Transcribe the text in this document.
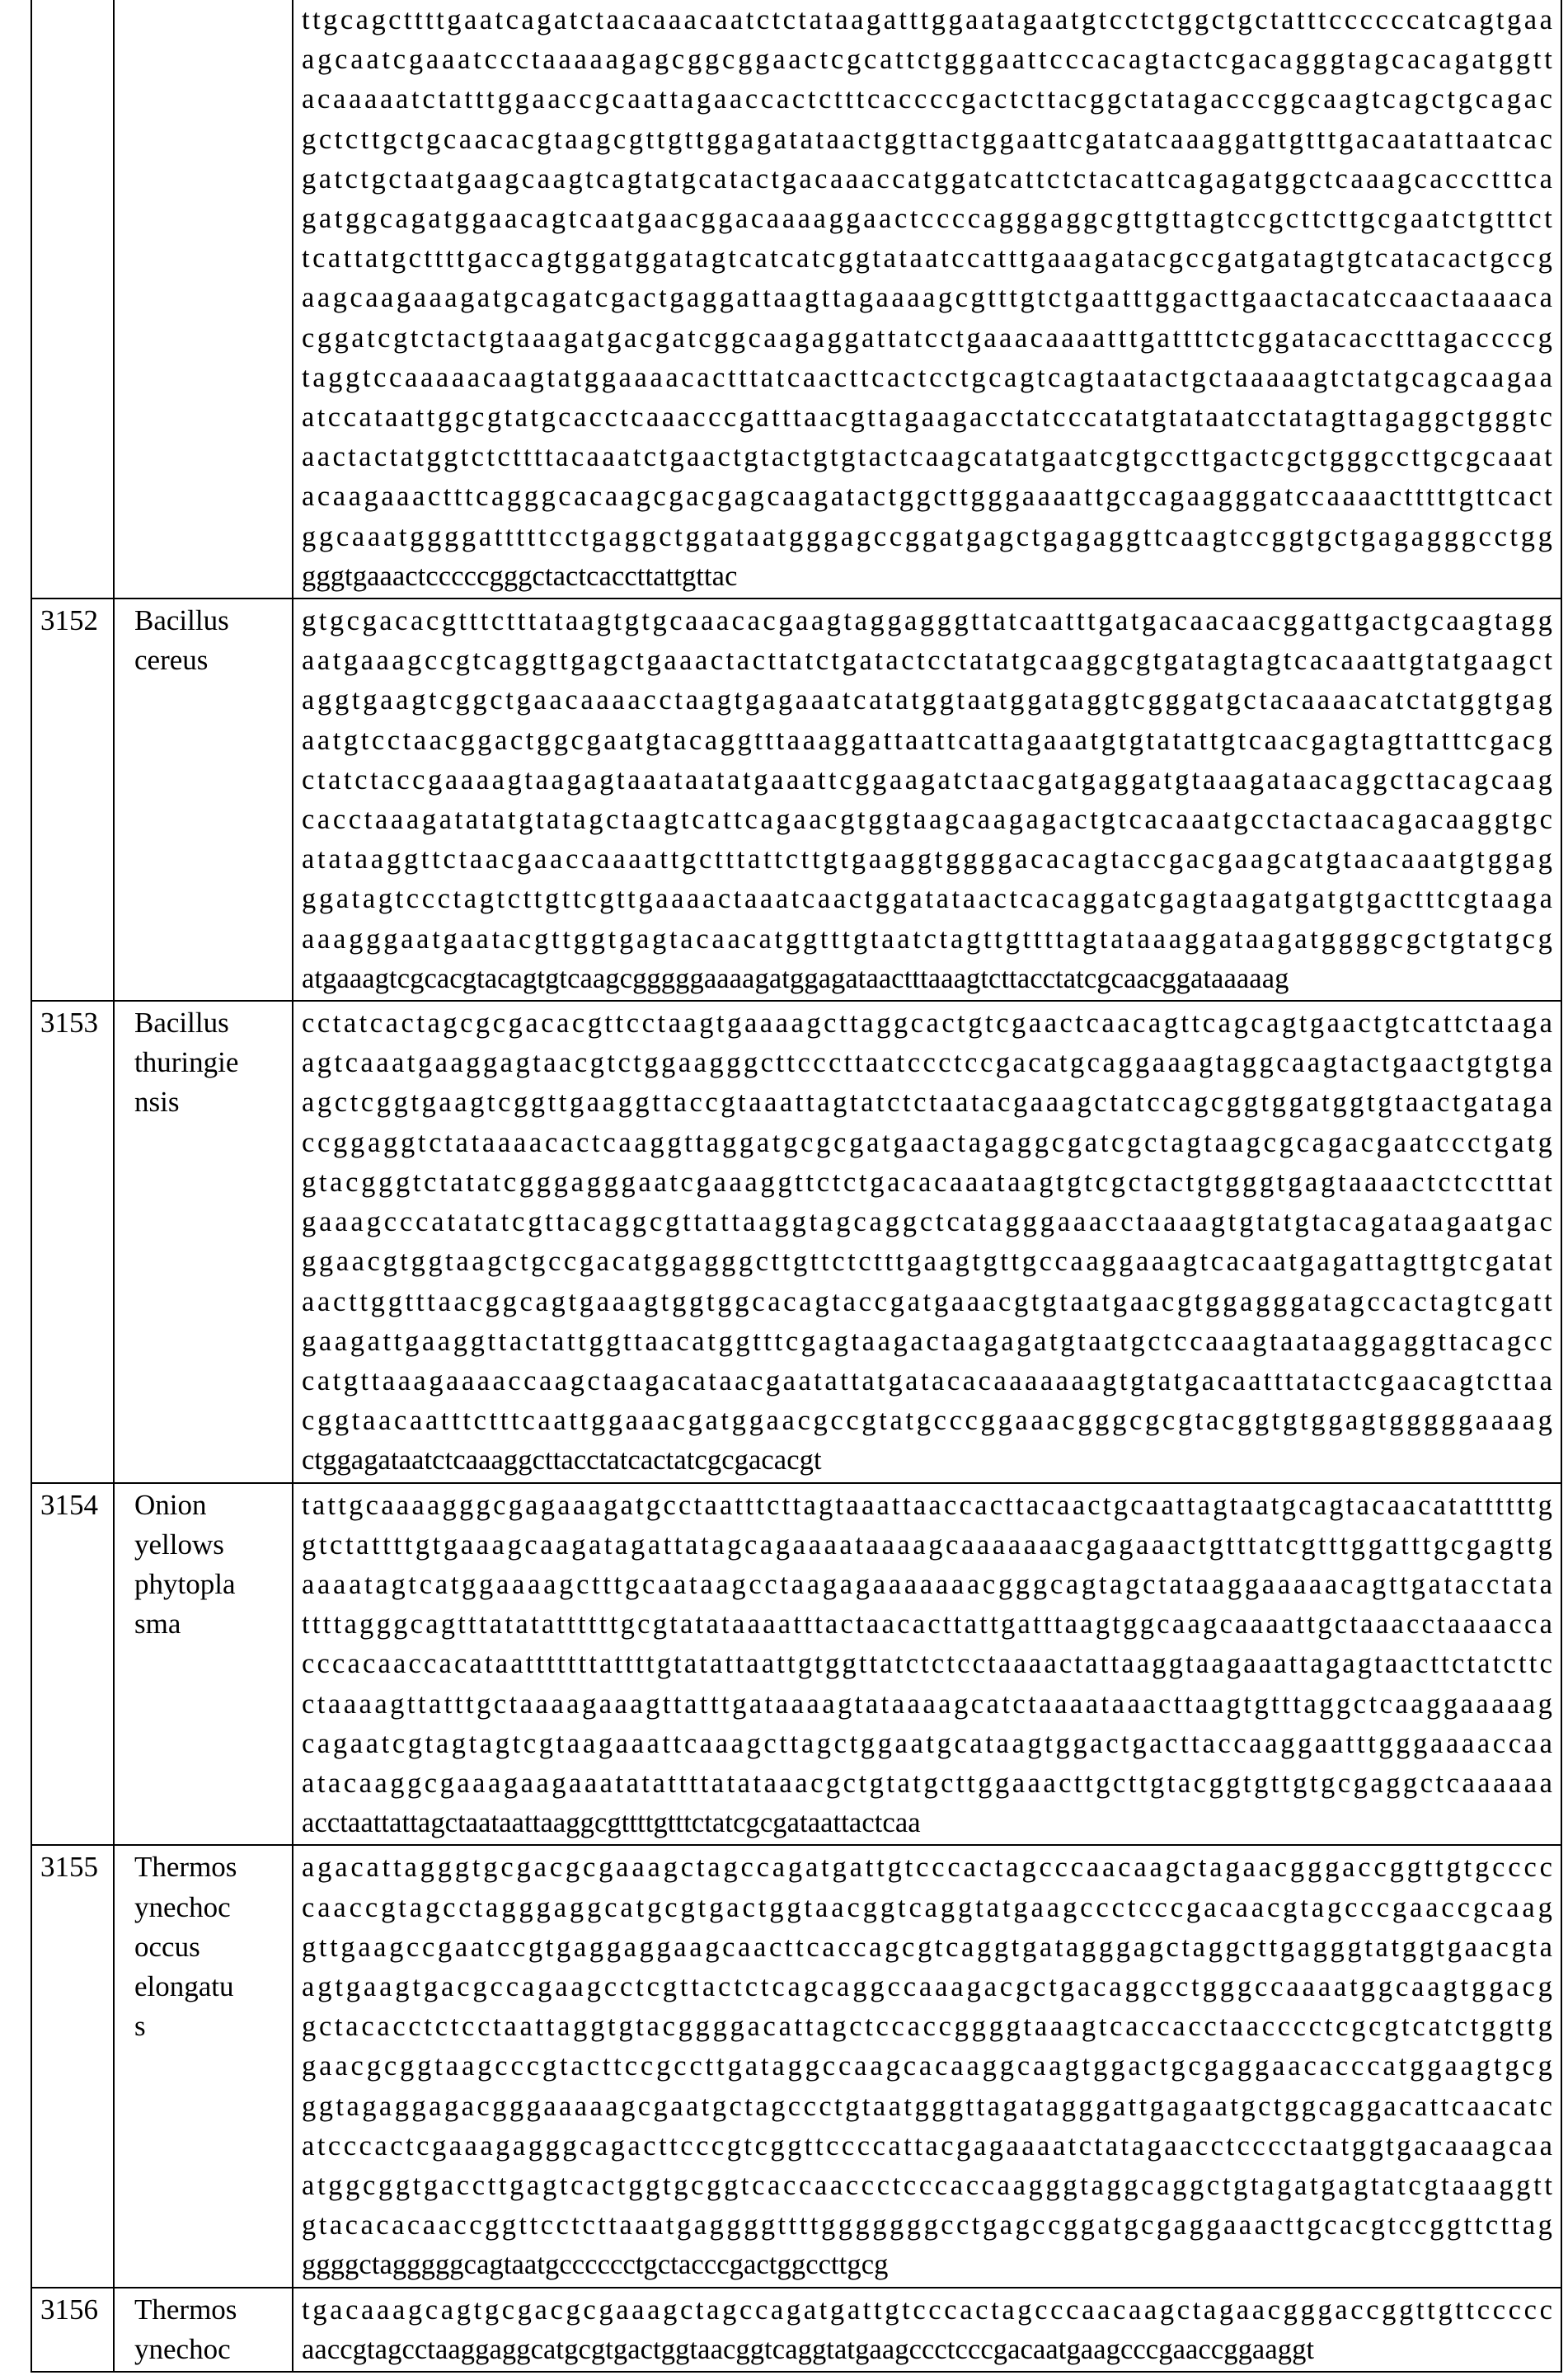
ttgcagcttttgaatcagatctaacaaacaatctctataagatttggaatagaatgtcctctggctgctatttccccccatcagtgaa
agcaatcgaaatccctaaaaagagcggcggaactcgcattctgggaattcccacagtactcgacagggtagcacagatggtt
acaaaaatctatttggaaccgcaattagaaccactctttcaccccgactcttacggctatagacccggcaagtcagctgcagac
gctcttgctgcaacacgtaagcgttgttggagatataactggttactggaattcgatatcaaaggattgtttgacaatattaatcac
gatctgctaatgaagcaagtcagtatgcatactgacaaaccatggatcattctctacattcagagatggctcaaagcaccctttca
gatggcagatggaacagtcaatgaacggacaaaaggaactccccagggaggcgttgttagtccgcttcttgcgaatctgtttct
tcattatgcttttgaccagtggatggatagtcatcatcggtataatccatttgaaagatacgccgatgatagtgtcatacactgccg
aagcaagaaagatgcagatcgactgaggattaagttagaaaagcgtttgtctgaatttggacttgaactacatccaactaaaaca
cggatcgtctactgtaaagatgacgatcggcaagaggattatcctgaaacaaaatttgattttctcggatacacctttagaccccg
taggtccaaaaacaagtatggaaaacactttatcaacttcactcctgcagtcagtaatactgctaaaaagtctatgcagcaagaa
atccataattggcgtatgcacctcaaacccgatttaacgttagaagacctatcccatatgtataatcctatagttagaggctgggtc
aactactatggtctcttttacaaatctgaactgtactgtgtactcaagcatatgaatcgtgccttgactcgctgggccttgcgcaaat
acaagaaactttcagggcacaagcgacgagcaagatactggcttgggaaaattgccagaagggatccaaaactttttgttcact
ggcaaatggggatttttcctgaggctggataatgggagccggatgagctgagaggttcaagtccggtgctgagagggcctgg
gggtgaaactcccccgggctactcaccttattgttac

3152	Bacillus
cereus

gtgcgacacgtttctttataagtgtgcaaacacgaagtaggagggttatcaatttgatgacaacaacggattgactgcaagtagg
aatgaaagccgtcaggttgagctgaaactacttatctgatactcctatatgcaaggcgtgatagtagtcacaaattgtatgaagct
aggtgaagtcggctgaacaaaacctaagtgagaaatcatatggtaatggataggtcgggatgctacaaaacatctatggtgag
aatgtcctaacggactggcgaatgtacaggtttaaaggattaattcattagaaatgtgtatattgtcaacgagtagttatttcgacg
ctatctaccgaaaagtaagagtaaataatatgaaattcggaagatctaacgatgaggatgtaaagataacaggcttacagcaag
cacctaaagatatatgtatagctaagtcattcagaacgtggtaagcaagagactgtcacaaatgcctactaacagacaaggtgc
atataaggttctaacgaaccaaaattgctttattcttgtgaaggtggggacacagtaccgacgaagcatgtaacaaatgtggag
ggatagtccctagtcttgttcgttgaaaactaaatcaactggatataactcacaggatcgagtaagatgatgtgactttcgtaaga
aaagggaatgaatacgttggtgagtacaacatggtttgtaatctagttgttttagtataaaggataagatggggcgctgtatgcg
atgaaagtcgcacgtacagtgtcaagcgggggaaaagatggagataactttaaagtcttacctatcgcaacggataaaaag

3153	Bacillus
thuringie
nsis

cctatcactagcgcgacacgttcctaagtgaaaagcttaggcactgtcgaactcaacagttcagcagtgaactgtcattctaaga
agtcaaatgaaggagtaacgtctggaagggcttcccttaatccctccgacatgcaggaaagtaggcaagtactgaactgtgtga
agctcggtgaagtcggttgaaggttaccgtaaattagtatctctaatacgaaagctatccagcggtggatggtgtaactgataga
ccggaggtctataaaacactcaaggttaggatgcgcgatgaactagaggcgatcgctagtaagcgcagacgaatccctgatg
gtacgggtctatatcgggagggaatcgaaaggttctctgacacaaataagtgtcgctactgtgggtgagtaaaactctcctttat
gaaagcccatatatcgttacaggcgttattaaggtagcaggctcatagggaaacctaaaagtgtatgtacagataagaatgac
ggaacgtggtaagctgccgacatggagggcttgttctctttgaagtgttgccaaggaaagtcacaatgagattagttgtcgatat
aacttggtttaacggcagtgaaagtggtggcacagtaccgatgaaacgtgtaatgaacgtggagggatagccactagtcgatt
gaagattgaaggttactattggttaacatggtttcgagtaagactaagagatgtaatgctccaaagtaataaggaggttacagcc
catgttaaagaaaaccaagctaagacataacgaatattatgatacacaaaaaaagtgtatgacaatttatactcgaacagtcttaa
cggtaacaatttctttcaattggaaacgatggaacgccgtatgcccggaaacgggcgcgtacggtgtggagtgggggaaaag
ctggagataatctcaaaggcttacctatcactatcgcgacacgt

3154	Onion
yellows
phytopla
sma

tattgcaaaagggcgagaaagatgcctaatttcttagtaaattaaccacttacaactgcaattagtaatgcagtacaacatattttttg
gtctattttgtgaaagcaagatagattatagcagaaaataaaagcaaaaaaacgagaaactgtttatcgtttggatttgcgagttg
aaaatagtcatggaaaagctttgcaataagcctaagagaaaaaaacgggcagtagctataaggaaaaacagttgatacctata
ttttagggcagtttatatattttttgcgtatataaaatttactaacacttattgatttaagtggcaagcaaaattgctaaacctaaaacca
cccacaaccacataatttttttattttgtatattaattgtggttatctctcctaaaactattaaggtaagaaattagagtaacttctatcttc
ctaaaagttatttgctaaaagaaagttatttgataaaagtataaaagcatctaaaataaacttaagtgtttaggctcaaggaaaaag
cagaatcgtagtagtcgtaagaaattcaaagcttagctggaatgcataagtggactgacttaccaaggaatttgggaaaaccaa
atacaaggcgaaagaagaaatatattttatataaacgctgtatgcttggaaacttgcttgtacggtgttgtgcgaggctcaaaaaa
acctaattattagctaataattaaggcgttttgtttctatcgcgataattactcaa

3155	Thermos
ynechoc
occus
elongatu
s

agacattagggtgcgacgcgaaagctagccagatgattgtcccactagcccaacaagctagaacgggaccggttgtgcccc
caaccgtagcctagggaggcatgcgtgactggtaacggtcaggtatgaagccctcccgacaacgtagcccgaaccgcaag
gttgaagccgaatccgtgaggaggaagcaacttcaccagcgtcaggtgatagggagctaggcttgagggtatggtgaacgta
agtgaagtgacgccagaagcctcgttactctcagcaggccaaagacgctgacaggcctgggccaaaatggcaagtggacg
gctacacctctcctaattaggtgtacggggacattagctccaccggggtaaagtcaccacctaacccctcgcgtcatctggttg
gaacgcggtaagcccgtacttccgccttgataggccaagcacaaggcaagtggactgcgaggaacacccatggaagtgcg
ggtagaggagacgggaaaaagcgaatgctagccctgtaatgggttagatagggattgagaatgctggcaggacattcaacatc
atcccactcgaaagagggcagacttcccgtcggttccccattacgagaaaatctatagaacctcccctaatggtgacaaagcaa
atggcggtgaccttgagtcactggtgcggtcaccaaccctcccaccaagggtaggcaggctgtagatgagtatcgtaaaggtt
gtacacacaaccggttcctcttaaatgaggggttttgggggggcctgagccggatgcgaggaaacttgcacgtccggttcttag
ggggctagggggcagtaatgcccccctgctacccgactggccttgcg

3156	Thermos
ynechoc

tgacaaagcagtgcgacgcgaaagctagccagatgattgtcccactagcccaacaagctagaacgggaccggttgttccccc
aaccgtagcctaaggaggcatgcgtgactggtaacggtcaggtatgaagccctcccgacaatgaagcccgaaccggaaggt
